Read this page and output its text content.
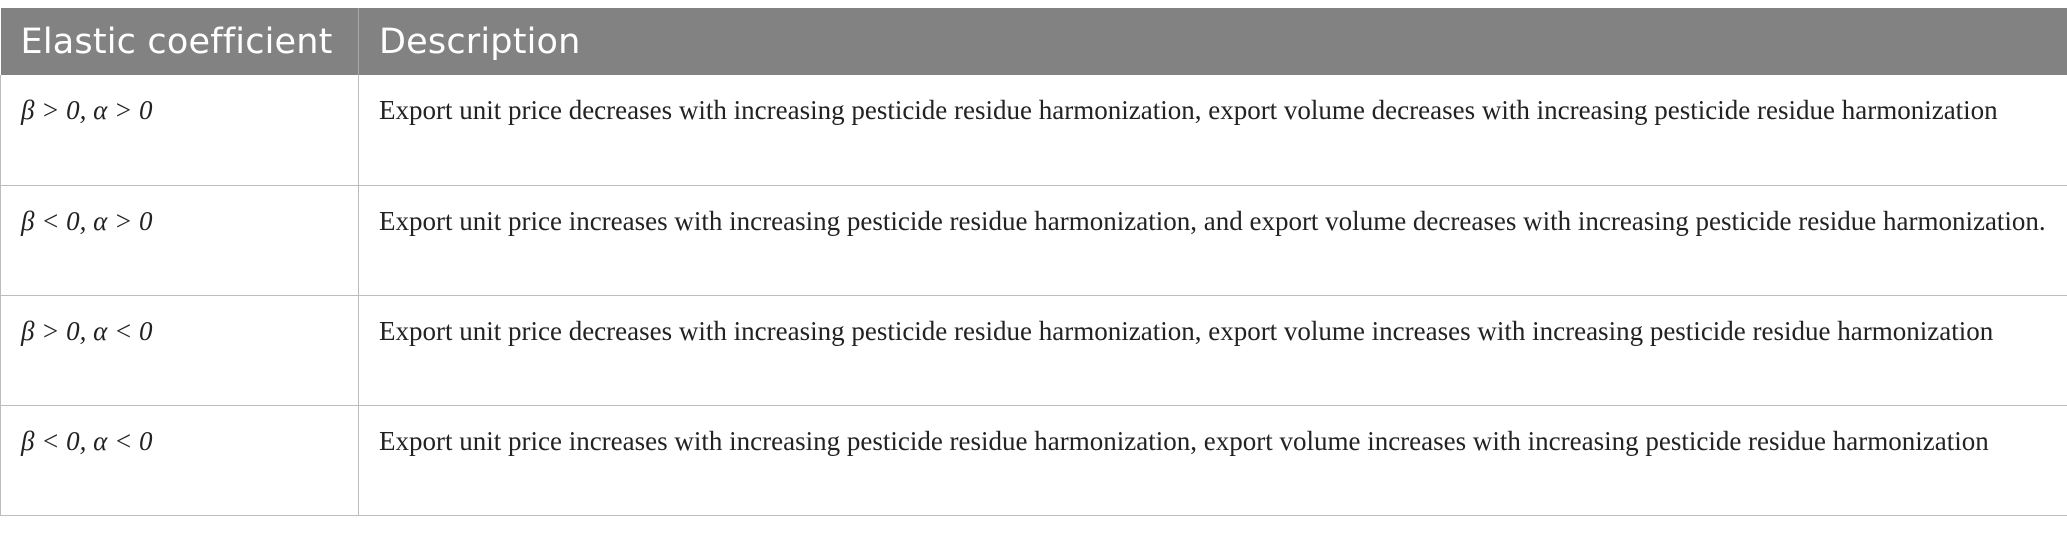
Elastic coefficient	Description
β > 0, α > 0	Export unit price decreases with increasing pesticide residue harmonization, export volume decreases with increasing pesticide residue harmonization
β < 0, α > 0	Export unit price increases with increasing pesticide residue harmonization, and export volume decreases with increasing pesticide residue harmonization.
β > 0, α < 0	Export unit price decreases with increasing pesticide residue harmonization, export volume increases with increasing pesticide residue harmonization
β < 0, α < 0	Export unit price increases with increasing pesticide residue harmonization, export volume increases with increasing pesticide residue harmonization
